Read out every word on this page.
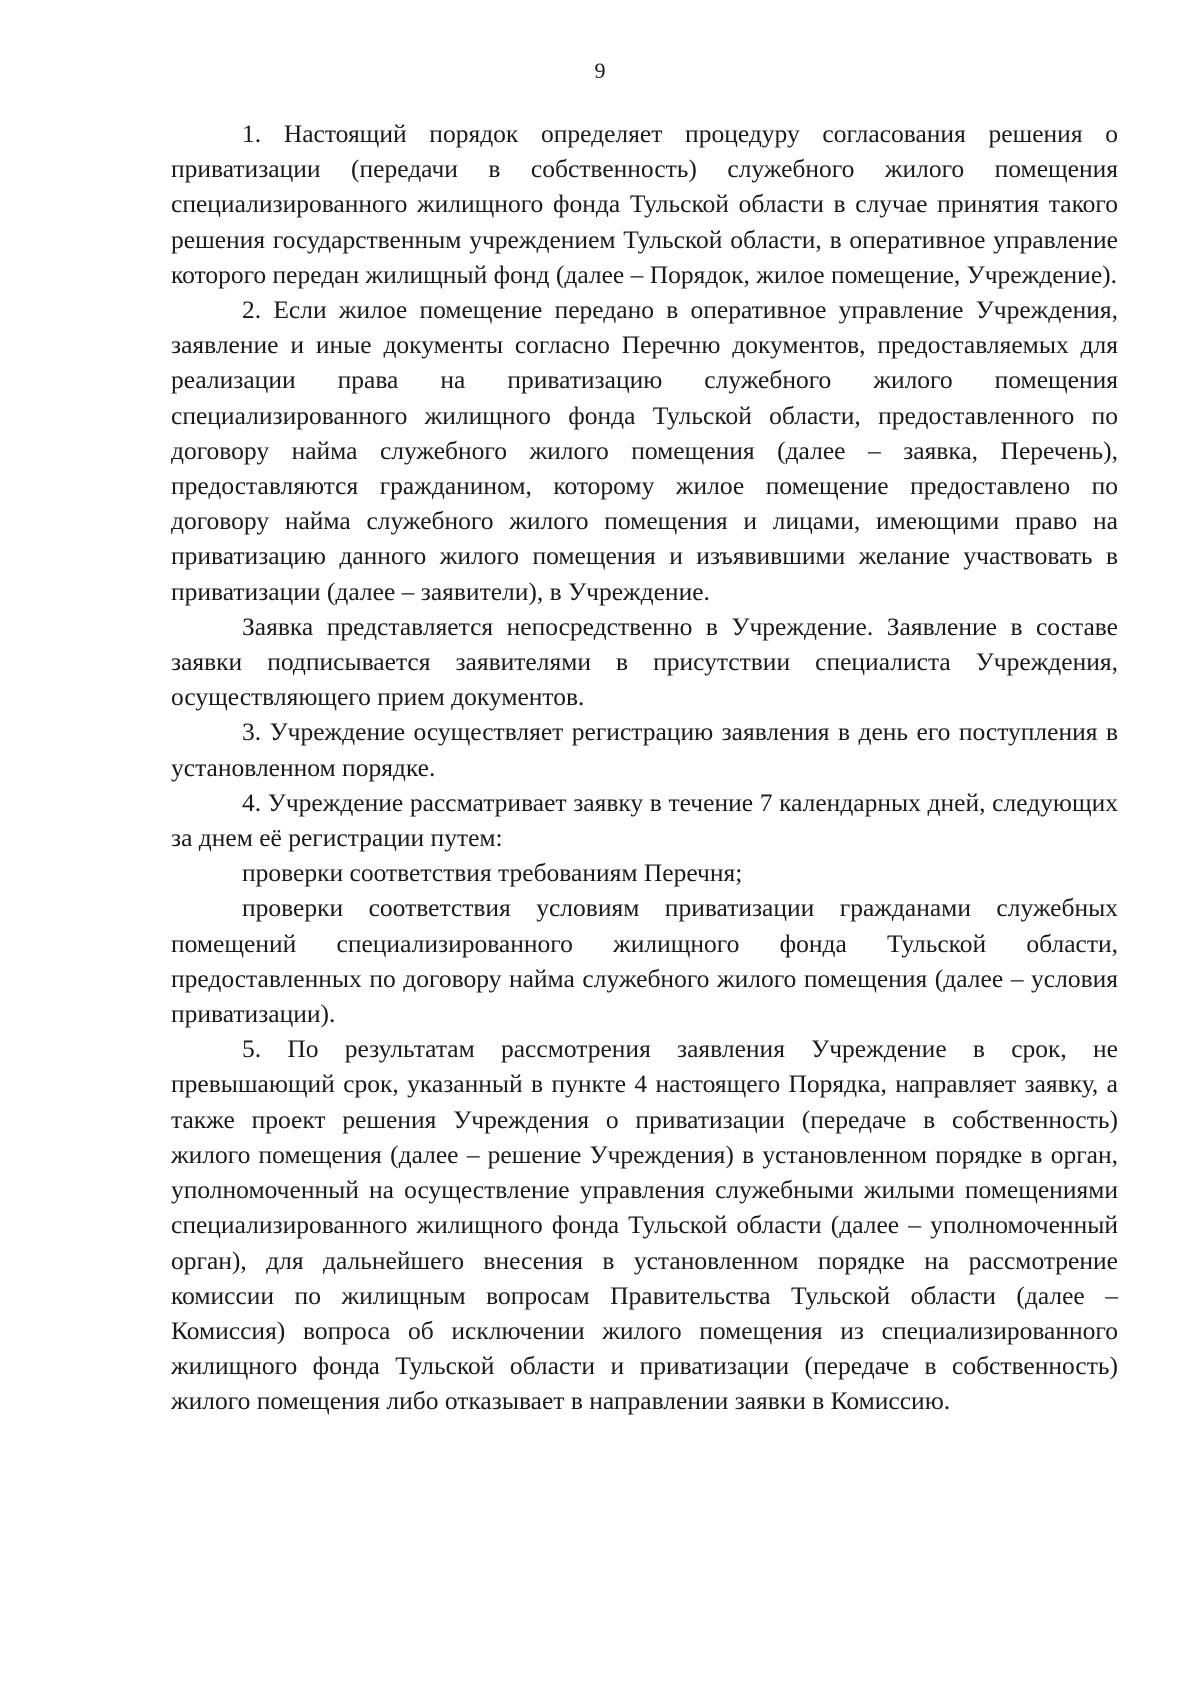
9

1. Настоящий порядок определяет процедуру согласования решения о приватизации (передачи в собственность) служебного жилого помещения специализированного жилищного фонда Тульской области в случае принятия такого решения государственным учреждением Тульской области, в оперативное управление которого передан жилищный фонд (далее – Порядок, жилое помещение, Учреждение).

2. Если жилое помещение передано в оперативное управление Учреждения, заявление и иные документы согласно Перечню документов, предоставляемых для реализации права на приватизацию служебного жилого помещения специализированного жилищного фонда Тульской области, предоставленного по договору найма служебного жилого помещения (далее – заявка, Перечень), предоставляются гражданином, которому жилое помещение предоставлено по договору найма служебного жилого помещения и лицами, имеющими право на приватизацию данного жилого помещения и изъявившими желание участвовать в приватизации (далее – заявители), в Учреждение.

Заявка представляется непосредственно в Учреждение. Заявление в составе заявки подписывается заявителями в присутствии специалиста Учреждения, осуществляющего прием документов.

3. Учреждение осуществляет регистрацию заявления в день его поступления в установленном порядке.

4. Учреждение рассматривает заявку в течение 7 календарных дней, следующих за днем её регистрации путем:

проверки соответствия требованиям Перечня;

проверки соответствия условиям приватизации гражданами служебных помещений специализированного жилищного фонда Тульской области, предоставленных по договору найма служебного жилого помещения (далее – условия приватизации).

5. По результатам рассмотрения заявления Учреждение в срок, не превышающий срок, указанный в пункте 4 настоящего Порядка, направляет заявку, а также проект решения Учреждения о приватизации (передаче в собственность) жилого помещения (далее – решение Учреждения) в установленном порядке в орган, уполномоченный на осуществление управления служебными жилыми помещениями специализированного жилищного фонда Тульской области (далее – уполномоченный орган), для дальнейшего внесения в установленном порядке на рассмотрение комиссии по жилищным вопросам Правительства Тульской области (далее – Комиссия) вопроса об исключении жилого помещения из специализированного жилищного фонда Тульской области и приватизации (передаче в собственность) жилого помещения либо отказывает в направлении заявки в Комиссию.
